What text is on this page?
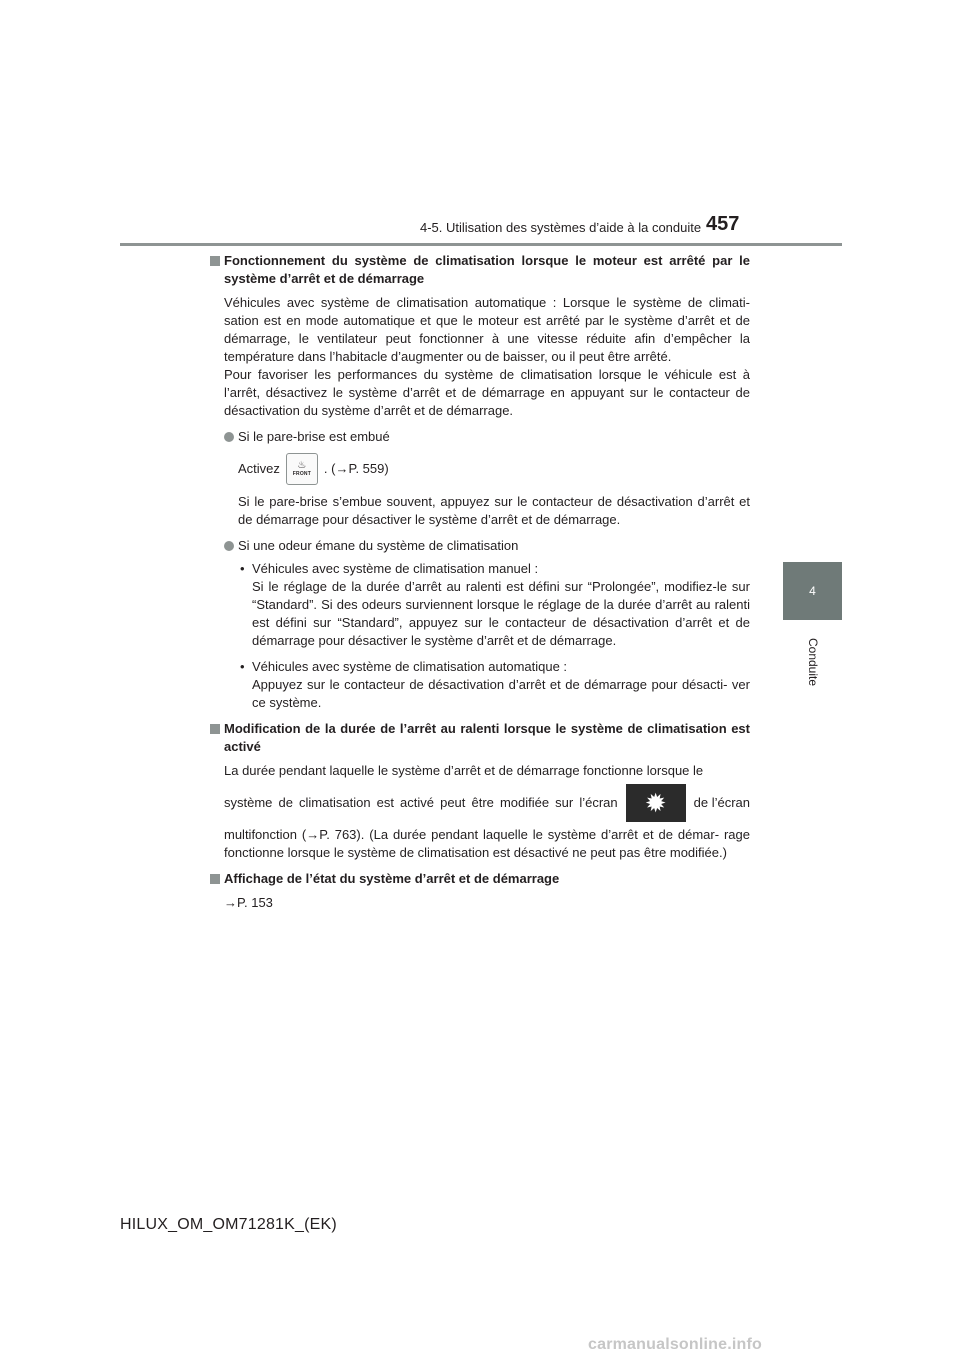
4-5. Utilisation des systèmes d’aide à la conduite 457
4
Conduite
Fonctionnement du système de climatisation lorsque le moteur est arrêté par le système d’arrêt et de démarrage
Véhicules avec système de climatisation automatique : Lorsque le système de climati- sation est en mode automatique et que le moteur est arrêté par le système d’arrêt et de démarrage, le ventilateur peut fonctionner à une vitesse réduite afin d’empêcher la température dans l’habitacle d’augmenter ou de baisser, ou il peut être arrêté.
Pour favoriser les performances du système de climatisation lorsque le véhicule est à l’arrêt, désactivez le système d’arrêt et de démarrage en appuyant sur le contacteur de désactivation du système d’arrêt et de démarrage.
Si le pare-brise est embué
Activez ♨
FRONT . (→P. 559)
Si le pare-brise s’embue souvent, appuyez sur le contacteur de désactivation d’arrêt et de démarrage pour désactiver le système d’arrêt et de démarrage.
Si une odeur émane du système de climatisation
• Véhicules avec système de climatisation manuel :
Si le réglage de la durée d’arrêt au ralenti est défini sur “Prolongée”, modifiez-le sur “Standard”. Si des odeurs surviennent lorsque le réglage de la durée d’arrêt au ralenti est défini sur “Standard”, appuyez sur le contacteur de désactivation d’arrêt et de démarrage pour désactiver le système d’arrêt et de démarrage.
• Véhicules avec système de climatisation automatique :
Appuyez sur le contacteur de désactivation d’arrêt et de démarrage pour désacti- ver ce système.
Modification de la durée de l’arrêt au ralenti lorsque le système de climatisation est activé
La durée pendant laquelle le système d’arrêt et de démarrage fonctionne lorsque le
système de climatisation est activé peut être modifiée sur l’écran	✹	de l’écran
multifonction (→P. 763). (La durée pendant laquelle le système d’arrêt et de démar- rage fonctionne lorsque le système de climatisation est désactivé ne peut pas être modifiée.)
Affichage de l’état du système d’arrêt et de démarrage
→P. 153
HILUX_OM_OM71281K_(EK)
carmanualsonline.info
